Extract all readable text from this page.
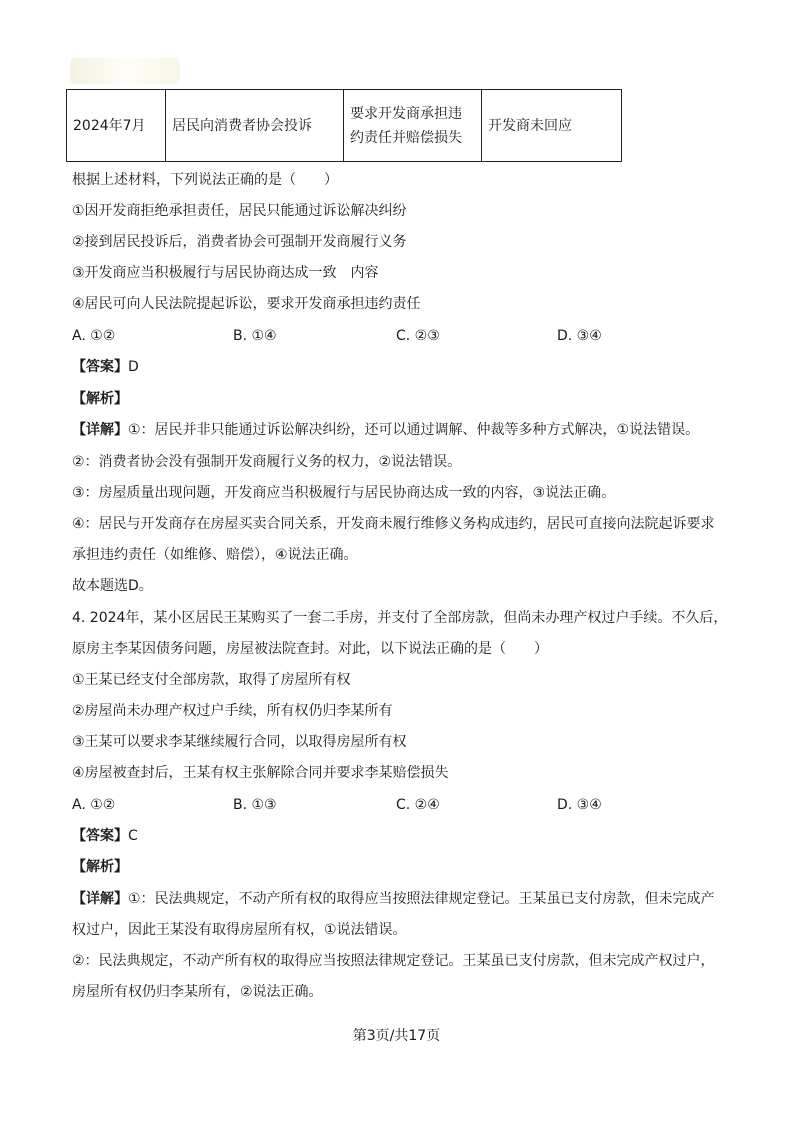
2024年7月	居民向消费者协会投诉	要求开发商承担违约责任并赔偿损失	开发商未回应
根据上述材料，下列说法正确的是（　　）
①因开发商拒绝承担责任，居民只能通过诉讼解决纠纷
②接到居民投诉后，消费者协会可强制开发商履行义务
③开发商应当积极履行与居民协商达成一致　内容
④居民可向人民法院提起诉讼，要求开发商承担违约责任
A. ①②	B. ①④	C. ②③	D. ③④
【答案】D
【解析】
【详解】①：居民并非只能通过诉讼解决纠纷，还可以通过调解、仲裁等多种方式解决，①说法错误。
②：消费者协会没有强制开发商履行义务的权力，②说法错误。
③：房屋质量出现问题，开发商应当积极履行与居民协商达成一致的内容，③说法正确。
④：居民与开发商存在房屋买卖合同关系，开发商未履行维修义务构成违约，居民可直接向法院起诉要求
承担违约责任（如维修、赔偿），④说法正确。
故本题选D。
4. 2024年，某小区居民王某购买了一套二手房，并支付了全部房款，但尚未办理产权过户手续。不久后，
原房主李某因债务问题，房屋被法院查封。对此，以下说法正确的是（　　）
①王某已经支付全部房款，取得了房屋所有权
②房屋尚未办理产权过户手续，所有权仍归李某所有
③王某可以要求李某继续履行合同，以取得房屋所有权
④房屋被查封后，王某有权主张解除合同并要求李某赔偿损失
A. ①②	B. ①③	C. ②④	D. ③④
【答案】C
【解析】
【详解】①：民法典规定，不动产所有权的取得应当按照法律规定登记。王某虽已支付房款，但未完成产
权过户，因此王某没有取得房屋所有权，①说法错误。
②：民法典规定，不动产所有权的取得应当按照法律规定登记。王某虽已支付房款，但未完成产权过户，
房屋所有权仍归李某所有，②说法正确。
第3页/共17页
